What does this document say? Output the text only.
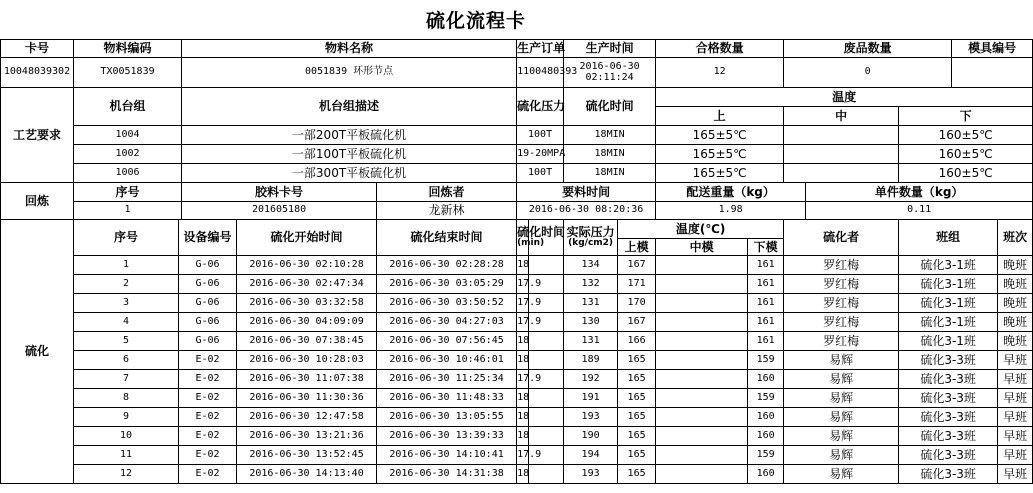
硫化流程卡
卡号	物料编码		物料名称			生产订单		生产时间		合格数量		废品数量			模具编号	
10048039302	TX0051839		0051839 环形节点			1100480393		2016-06-30
02:11:24		12		0				
工艺要求	机台组		机台组描述			硫化压力		硫化时间		温度						
										上		中		下		
	1004		一部200T平板硫化机			100T		18MIN		165±5℃				160±5℃		
	1002		一部100T平板硫化机			19-20MPA		18MIN		165±5℃				160±5℃		
	1006		一部300T平板硫化机			100T		18MIN		165±5℃				160±5℃		
回炼	序号		胶料卡号		回炼者	要料时间				配送重量（kg）			单件数量（kg）			
	1		201605180		龙新林	2016-06-30 08:20:36				1.98			0.11			
硫化	序号	设备编号		硫化开始时间	硫化结束时间	硫化时间
(min)		实际压力
(kg/cm2)	温度(℃)			硫化者		班组		班次
									上模	中模	下模					
	1	G-06		2016-06-30 02:10:28	2016-06-30 02:28:28	18		134	167		161	罗红梅		硫化3-1班		晚班
	2	G-06		2016-06-30 02:47:34	2016-06-30 03:05:29	17.9		132	171		161	罗红梅		硫化3-1班		晚班
	3	G-06		2016-06-30 03:32:58	2016-06-30 03:50:52	17.9		131	170		161	罗红梅		硫化3-1班		晚班
	4	G-06		2016-06-30 04:09:09	2016-06-30 04:27:03	17.9		130	167		161	罗红梅		硫化3-1班		晚班
	5	G-06		2016-06-30 07:38:45	2016-06-30 07:56:45	18		131	166		161	罗红梅		硫化3-1班		晚班
	6	E-02		2016-06-30 10:28:03	2016-06-30 10:46:01	18		189	165		159	易辉		硫化3-3班		早班
	7	E-02		2016-06-30 11:07:38	2016-06-30 11:25:34	17.9		192	165		160	易辉		硫化3-3班		早班
	8	E-02		2016-06-30 11:30:36	2016-06-30 11:48:33	18		191	165		159	易辉		硫化3-3班		早班
	9	E-02		2016-06-30 12:47:58	2016-06-30 13:05:55	18		193	165		160	易辉		硫化3-3班		早班
	10	E-02		2016-06-30 13:21:36	2016-06-30 13:39:33	18		190	165		160	易辉		硫化3-3班		早班
	11	E-02		2016-06-30 13:52:45	2016-06-30 14:10:41	17.9		194	165		159	易辉		硫化3-3班		早班
	12	E-02		2016-06-30 14:13:40	2016-06-30 14:31:38	18		193	165		160	易辉		硫化3-3班		早班
